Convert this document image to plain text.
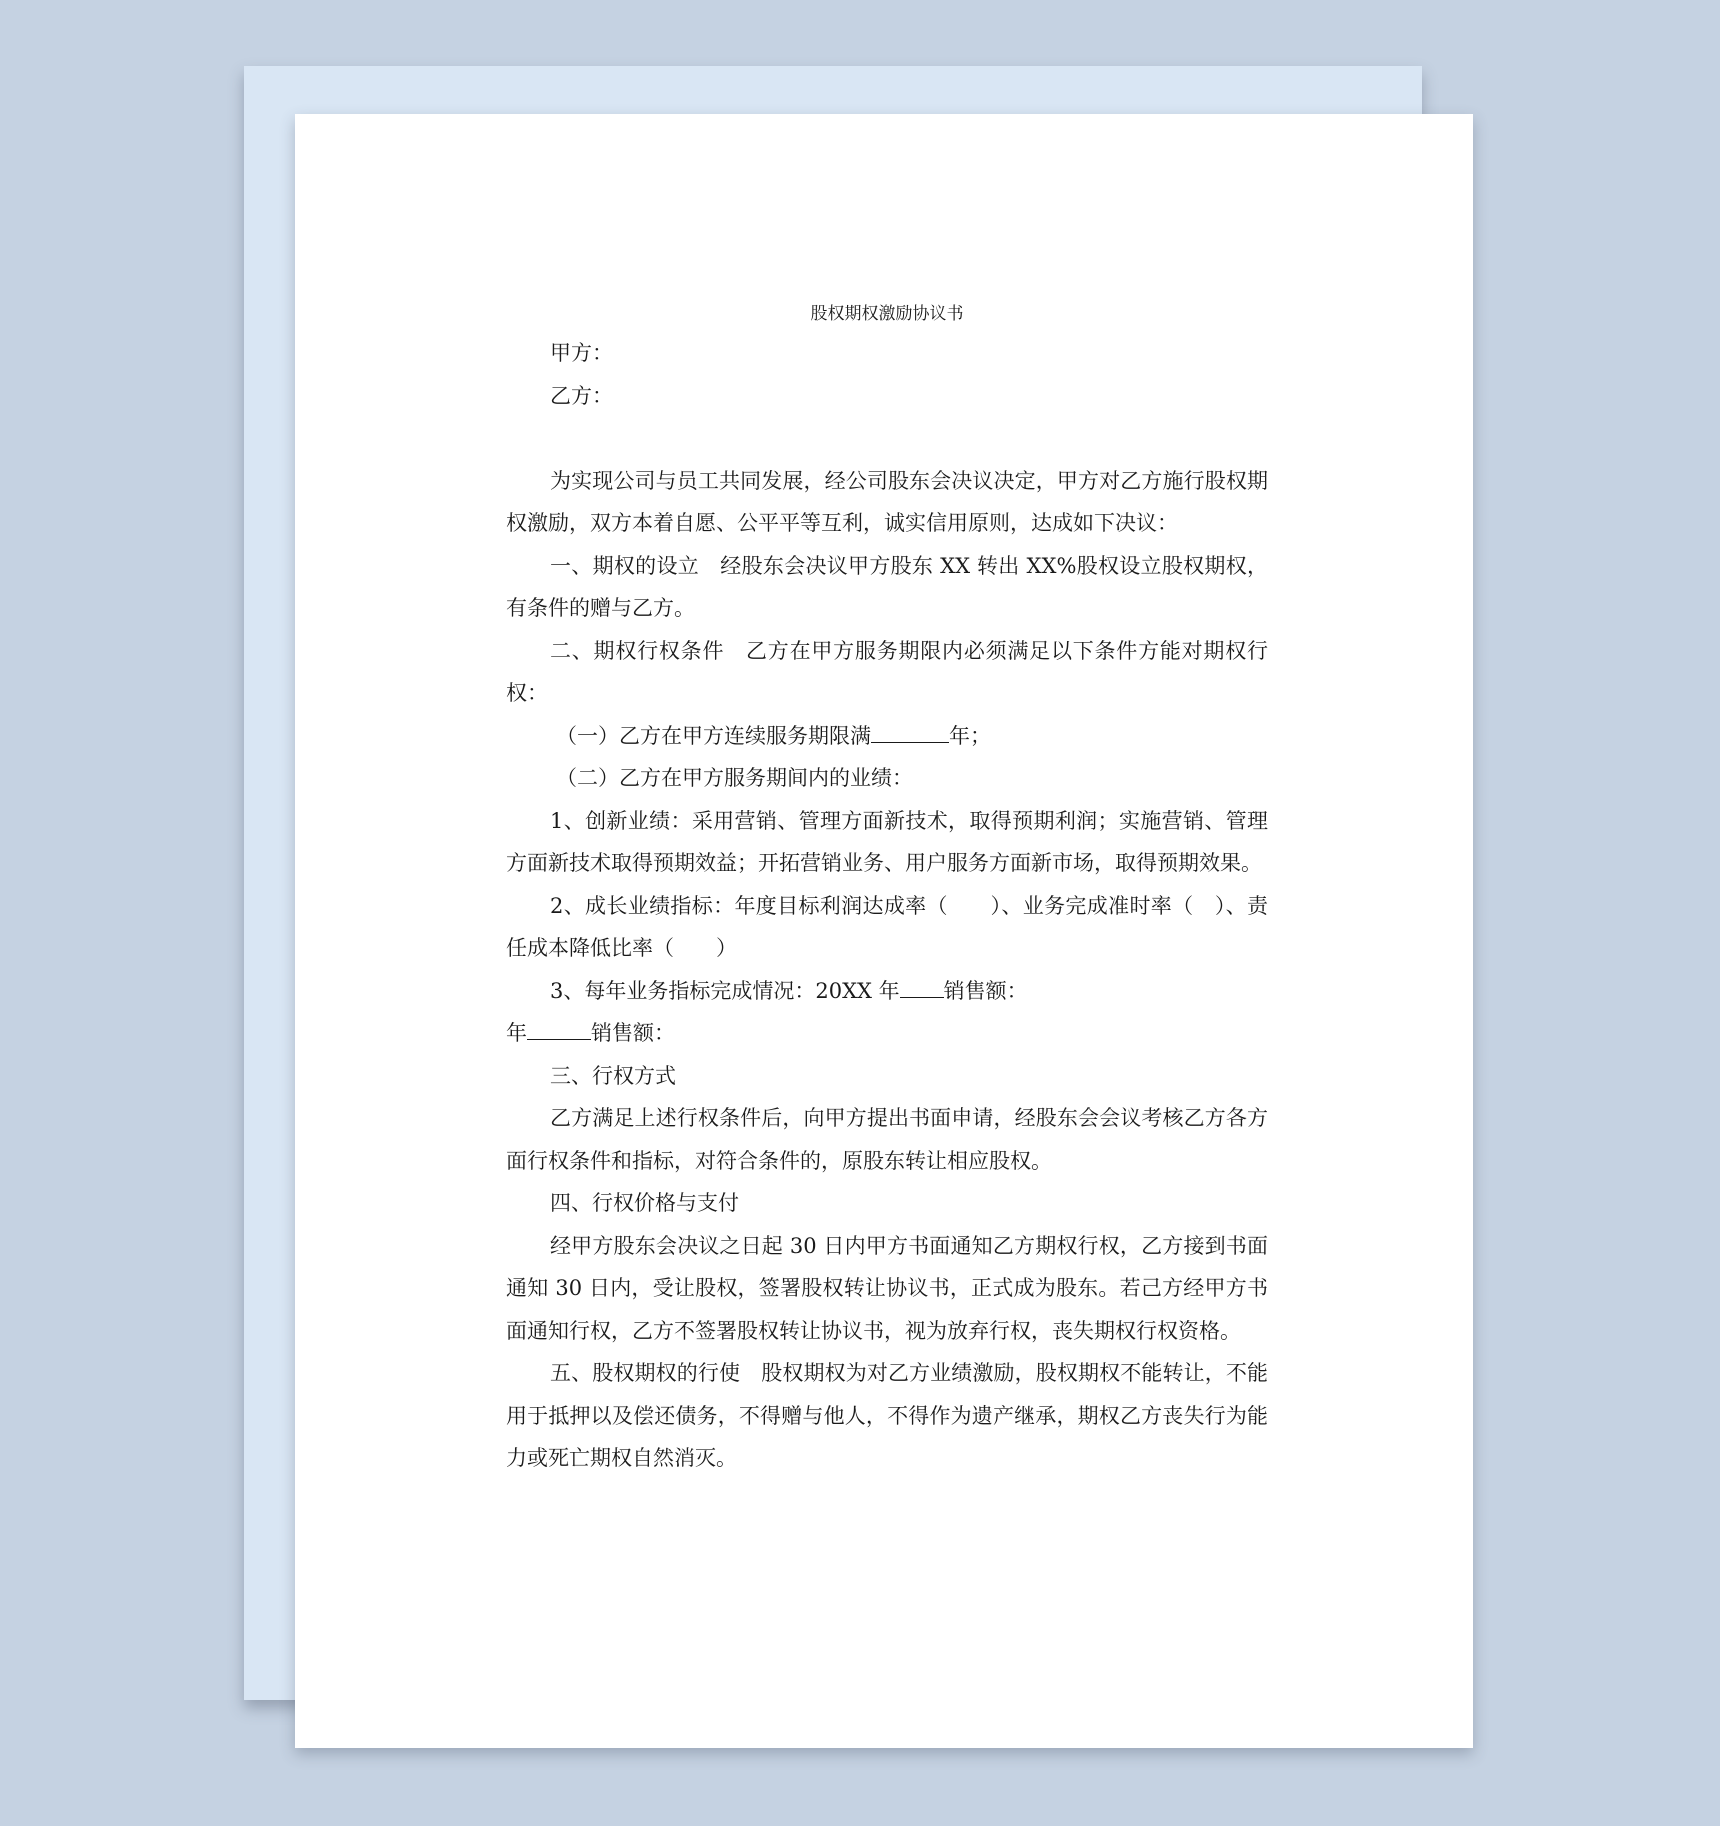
股权期权激励协议书

甲方：

乙方：

为实现公司与员工共同发展，经公司股东会决议决定，甲方对乙方施行股权期权激励，双方本着自愿、公平平等互利，诚实信用原则，达成如下决议：

一、期权的设立　经股东会决议甲方股东 XX 转出 XX%股权设立股权期权，有条件的赠与乙方。

二、期权行权条件　乙方在甲方服务期限内必须满足以下条件方能对期权行权：

（一）乙方在甲方连续服务期限满	年；

（二）乙方在甲方服务期间内的业绩：

1、创新业绩：采用营销、管理方面新技术，取得预期利润；实施营销、管理方面新技术取得预期效益；开拓营销业务、用户服务方面新市场，取得预期效果。

2、成长业绩指标：年度目标利润达成率（　　）、业务完成准时率（　）、责任成本降低比率（　　）

3、每年业务指标完成情况：20XX 年 销售额：

年	销售额：

三、行权方式

乙方满足上述行权条件后，向甲方提出书面申请，经股东会会议考核乙方各方面行权条件和指标，对符合条件的，原股东转让相应股权。

四、行权价格与支付

经甲方股东会决议之日起 30 日内甲方书面通知乙方期权行权，乙方接到书面通知 30 日内，受让股权，签署股权转让协议书，正式成为股东。若己方经甲方书面通知行权，乙方不签署股权转让协议书，视为放弃行权，丧失期权行权资格。

五、股权期权的行使　股权期权为对乙方业绩激励，股权期权不能转让，不能用于抵押以及偿还债务，不得赠与他人，不得作为遗产继承，期权乙方丧失行为能力或死亡期权自然消灭。
